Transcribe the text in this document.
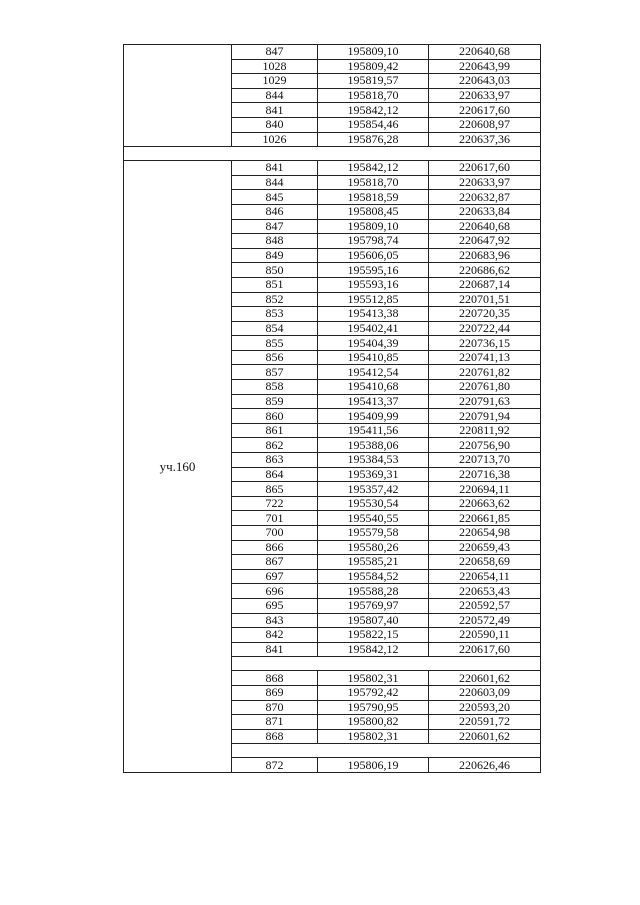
	847	195809,10	220640,68
	1028	195809,42	220643,99
	1029	195819,57	220643,03
	844	195818,70	220633,97
	841	195842,12	220617,60
	840	195854,46	220608,97
	1026	195876,28	220637,36

уч.160	841	195842,12	220617,60
	844	195818,70	220633,97
	845	195818,59	220632,87
	846	195808,45	220633,84
	847	195809,10	220640,68
	848	195798,74	220647,92
	849	195606,05	220683,96
	850	195595,16	220686,62
	851	195593,16	220687,14
	852	195512,85	220701,51
	853	195413,38	220720,35
	854	195402,41	220722,44
	855	195404,39	220736,15
	856	195410,85	220741,13
	857	195412,54	220761,82
	858	195410,68	220761,80
	859	195413,37	220791,63
	860	195409,99	220791,94
	861	195411,56	220811,92
	862	195388,06	220756,90
	863	195384,53	220713,70
	864	195369,31	220716,38
	865	195357,42	220694,11
	722	195530,54	220663,62
	701	195540,55	220661,85
	700	195579,58	220654,98
	866	195580,26	220659,43
	867	195585,21	220658,69
	697	195584,52	220654,11
	696	195588,28	220653,43
	695	195769,97	220592,57
	843	195807,40	220572,49
	842	195822,15	220590,11
	841	195842,12	220617,60

	868	195802,31	220601,62
	869	195792,42	220603,09
	870	195790,95	220593,20
	871	195800,82	220591,72
	868	195802,31	220601,62

	872	195806,19	220626,46
